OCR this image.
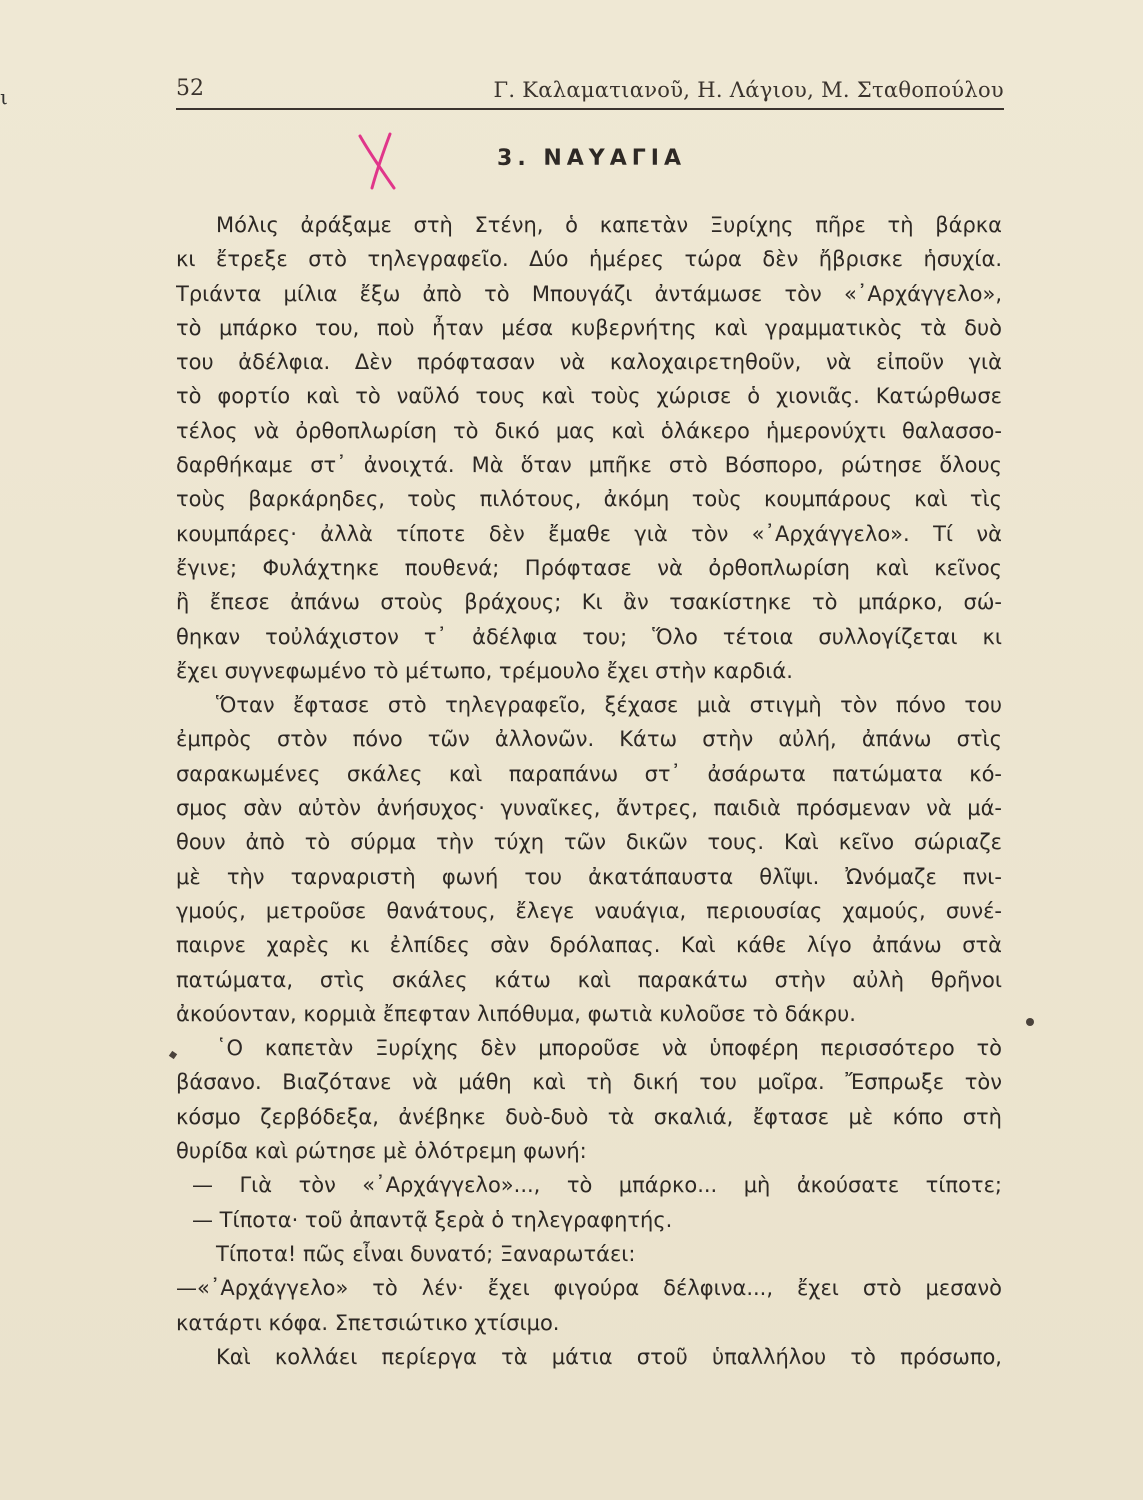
ι	52	Γ. Καλαματιανοῦ, Η. Λάγιου, Μ. Σταθοπούλου
3. ΝΑΥΑΓΙΑ
Μόλις ἀράξαμε στὴ Στένη, ὁ καπετὰν Ξυρίχης πῆρε τὴ βάρκα
κι ἔτρεξε στὸ τηλεγραφεῖο. Δύο ἡμέρες τώρα δὲν ἤβρισκε ἡσυχία.
Τριάντα μίλια ἔξω ἀπὸ τὸ Μπουγάζι ἀντάμωσε τὸν «᾿Αρχάγγελο»,
τὸ μπάρκο του, ποὺ ἦταν μέσα κυβερνήτης καὶ γραμματικὸς τὰ δυὸ
του ἀδέλφια. Δὲν πρόφτασαν νὰ καλοχαιρετηθοῦν, νὰ εἰποῦν γιὰ
τὸ φορτίο καὶ τὸ ναῦλό τους καὶ τοὺς χώρισε ὁ χιονιᾶς. Κατώρθωσε
τέλος νὰ ὀρθοπλωρίση τὸ δικό μας καὶ ὁλάκερο ἡμερονύχτι θαλασσο-
δαρθήκαμε στ᾿ ἀνοιχτά. Μὰ ὅταν μπῆκε στὸ Βόσπορο, ρώτησε ὅλους
τοὺς βαρκάρηδες, τοὺς πιλότους, ἀκόμη τοὺς κουμπάρους καὶ τὶς
κουμπάρες· ἀλλὰ τίποτε δὲν ἔμαθε γιὰ τὸν «᾿Αρχάγγελο». Τί νὰ
ἔγινε; Φυλάχτηκε πουθενά; Πρόφτασε νὰ ὀρθοπλωρίση καὶ κεῖνος
ἢ ἔπεσε ἀπάνω στοὺς βράχους; Κι ἂν τσακίστηκε τὸ μπάρκο, σώ-
θηκαν τοὐλάχιστον τ᾿ ἀδέλφια του; Ὅλο τέτοια συλλογίζεται κι
ἔχει συγνεφωμένο τὸ μέτωπο, τρέμουλο ἔχει στὴν καρδιά.
Ὅταν ἔφτασε στὸ τηλεγραφεῖο, ξέχασε μιὰ στιγμὴ τὸν πόνο του
ἐμπρὸς στὸν πόνο τῶν ἀλλονῶν. Κάτω στὴν αὐλή, ἀπάνω στὶς
σαρακωμένες σκάλες καὶ παραπάνω στ᾿ ἀσάρωτα πατώματα κό-
σμος σὰν αὐτὸν ἀνήσυχος· γυναῖκες, ἄντρες, παιδιὰ πρόσμεναν νὰ μά-
θουν ἀπὸ τὸ σύρμα τὴν τύχη τῶν δικῶν τους. Καὶ κεῖνο σώριαζε
μὲ τὴν ταρναριστὴ φωνή του ἀκατάπαυστα θλῖψι. Ὠνόμαζε πνι-
γμούς, μετροῦσε θανάτους, ἔλεγε ναυάγια, περιουσίας χαμούς, συνέ-
παιρνε χαρὲς κι ἐλπίδες σὰν δρόλαπας. Καὶ κάθε λίγο ἀπάνω στὰ
πατώματα, στὶς σκάλες κάτω καὶ παρακάτω στὴν αὐλὴ θρῆνοι
ἀκούονταν, κορμιὰ ἔπεφταν λιπόθυμα, φωτιὰ κυλοῦσε τὸ δάκρυ.
῾Ο καπετὰν Ξυρίχης δὲν μποροῦσε νὰ ὑποφέρη περισσότερο τὸ
βάσανο. Βιαζότανε νὰ μάθη καὶ τὴ δική του μοῖρα. Ἔσπρωξε τὸν
κόσμο ζερβόδεξα, ἀνέβηκε δυὸ-δυὸ τὰ σκαλιά, ἔφτασε μὲ κόπο στὴ
θυρίδα καὶ ρώτησε μὲ ὁλότρεμη φωνή:
— Γιὰ τὸν «᾿Αρχάγγελο»..., τὸ μπάρκο... μὴ ἀκούσατε τίποτε;
— Τίποτα· τοῦ ἀπαντᾷ ξερὰ ὁ τηλεγραφητής.
Τίποτα! πῶς εἶναι δυνατό; Ξαναρωτάει:
—«᾿Αρχάγγελο» τὸ λέν· ἔχει φιγούρα δέλφινα..., ἔχει στὸ μεσανὸ
κατάρτι κόφα. Σπετσιώτικο χτίσιμο.
Καὶ κολλάει περίεργα τὰ μάτια στοῦ ὑπαλλήλου τὸ πρόσωπο,
